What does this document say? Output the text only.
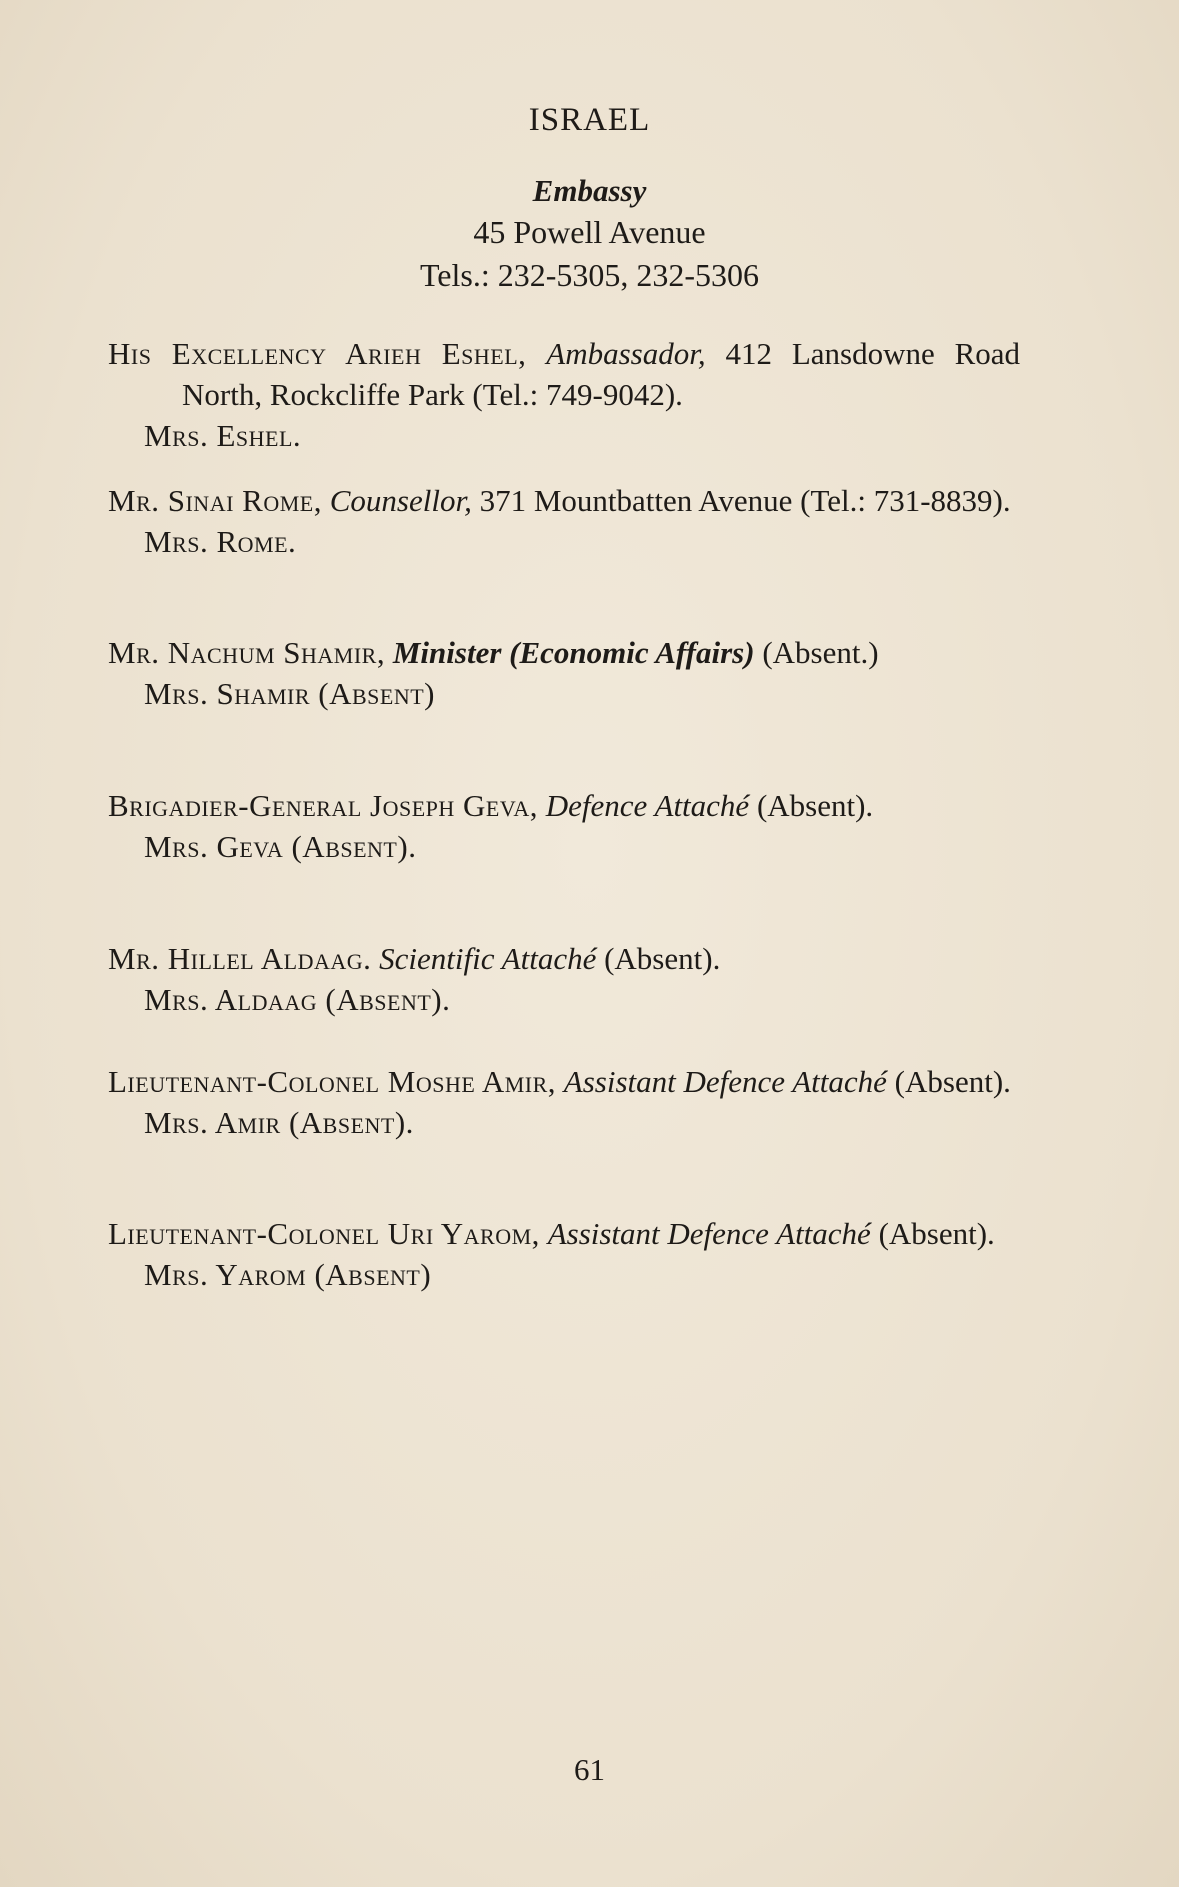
ISRAEL
Embassy
45 Powell Avenue
Tels.: 232-5305, 232-5306
His Excellency Arieh Eshel, Ambassador, 412 Lansdowne Road North, Rockcliffe Park (Tel.: 749-9042).
Mrs. Eshel.
Mr. Sinai Rome, Counsellor, 371 Mountbatten Avenue (Tel.: 731-8839).
Mrs. Rome.
Mr. Nachum Shamir, Minister (Economic Affairs) (Absent.)
Mrs. Shamir (Absent)
Brigadier-General Joseph Geva, Defence Attaché (Absent).
Mrs. Geva (Absent).
Mr. Hillel Aldaag. Scientific Attaché (Absent).
Mrs. Aldaag (Absent).
Lieutenant-Colonel Moshe Amir, Assistant Defence Attaché (Absent).
Mrs. Amir (Absent).
Lieutenant-Colonel Uri Yarom, Assistant Defence Attaché (Absent).
Mrs. Yarom (Absent)
61
